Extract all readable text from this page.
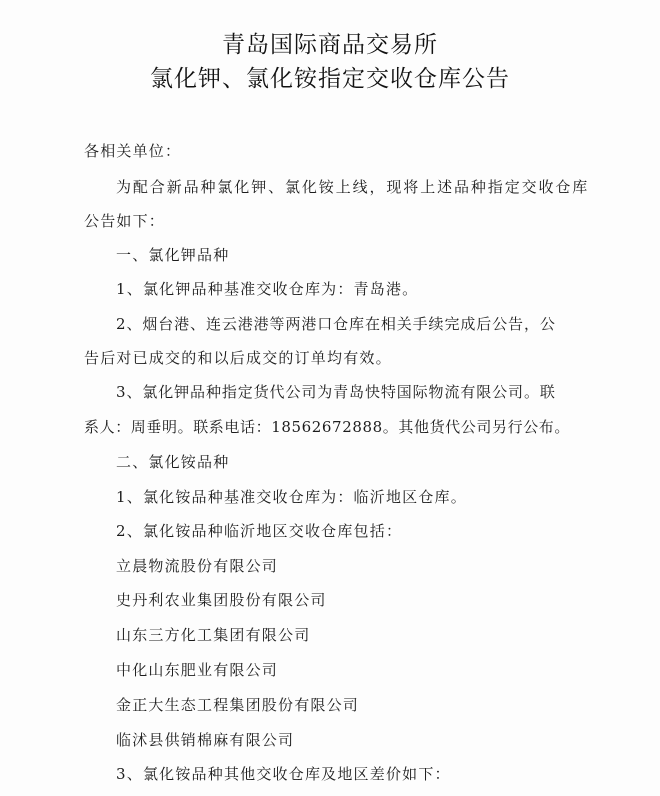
青岛国际商品交易所
氯化钾、氯化铵指定交收仓库公告
各相关单位：
为配合新品种氯化钾、氯化铵上线，现将上述品种指定交收仓库
公告如下：
一、氯化钾品种
1、氯化钾品种基准交收仓库为：青岛港。
2、烟台港、连云港港等两港口仓库在相关手续完成后公告，公
告后对已成交的和以后成交的订单均有效。
3、氯化钾品种指定货代公司为青岛快特国际物流有限公司。联
系人：周垂明。联系电话：18562672888。其他货代公司另行公布。
二、氯化铵品种
1、氯化铵品种基准交收仓库为：临沂地区仓库。
2、氯化铵品种临沂地区交收仓库包括：
立晨物流股份有限公司
史丹利农业集团股份有限公司
山东三方化工集团有限公司
中化山东肥业有限公司
金正大生态工程集团股份有限公司
临沭县供销棉麻有限公司
3、氯化铵品种其他交收仓库及地区差价如下：
